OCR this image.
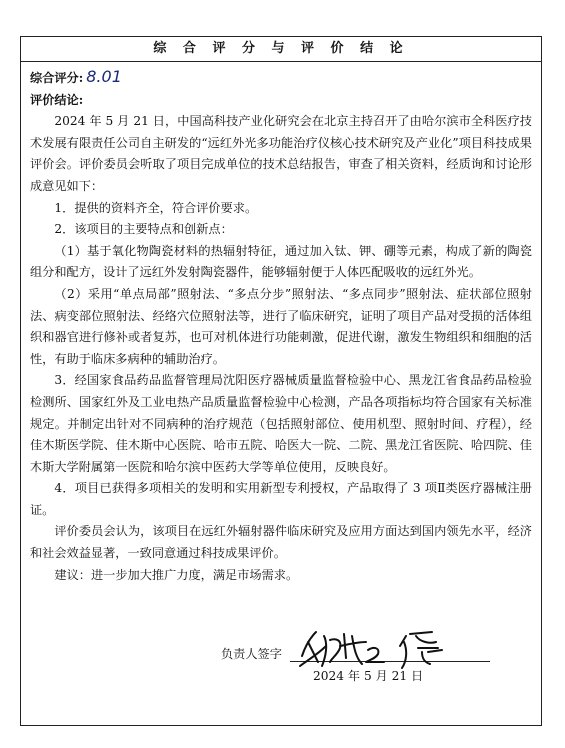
综 合 评 分 与 评 价 结 论

综合评分: 8.01

评价结论:

2024 年 5 月 21 日，中国高科技产业化研究会在北京主持召开了由哈尔滨市全科医疗技术发展有限责任公司自主研发的“远红外光多功能治疗仪核心技术研究及产业化”项目科技成果评价会。评价委员会听取了项目完成单位的技术总结报告，审查了相关资料，经质询和讨论形成意见如下：

1．提供的资料齐全，符合评价要求。

2．该项目的主要特点和创新点：

（1）基于氧化物陶瓷材料的热辐射特征，通过加入钛、钾、硼等元素，构成了新的陶瓷组分和配方，设计了远红外发射陶瓷器件，能够辐射便于人体匹配吸收的远红外光。

（2）采用“单点局部”照射法、“多点分步”照射法、“多点同步”照射法、症状部位照射法、病变部位照射法、经络穴位照射法等，进行了临床研究，证明了项目产品对受损的活体组织和器官进行修补或者复苏，也可对机体进行功能刺激，促进代谢，激发生物组织和细胞的活性，有助于临床多病种的辅助治疗。

3．经国家食品药品监督管理局沈阳医疗器械质量监督检验中心、黑龙江省食品药品检验检测所、国家红外及工业电热产品质量监督检验中心检测，产品各项指标均符合国家有关标准规定。并制定出针对不同病种的治疗规范（包括照射部位、使用机型、照射时间、疗程），经佳木斯医学院、佳木斯中心医院、哈市五院、哈医大一院、二院、黑龙江省医院、哈四院、佳木斯大学附属第一医院和哈尔滨中医药大学等单位使用，反映良好。

4．项目已获得多项相关的发明和实用新型专利授权，产品取得了 3 项Ⅱ类医疗器械注册证。

评价委员会认为，该项目在远红外辐射器件临床研究及应用方面达到国内领先水平，经济和社会效益显著，一致同意通过科技成果评价。

建议：进一步加大推广力度，满足市场需求。

负责人签字
2024 年 5 月 21 日
